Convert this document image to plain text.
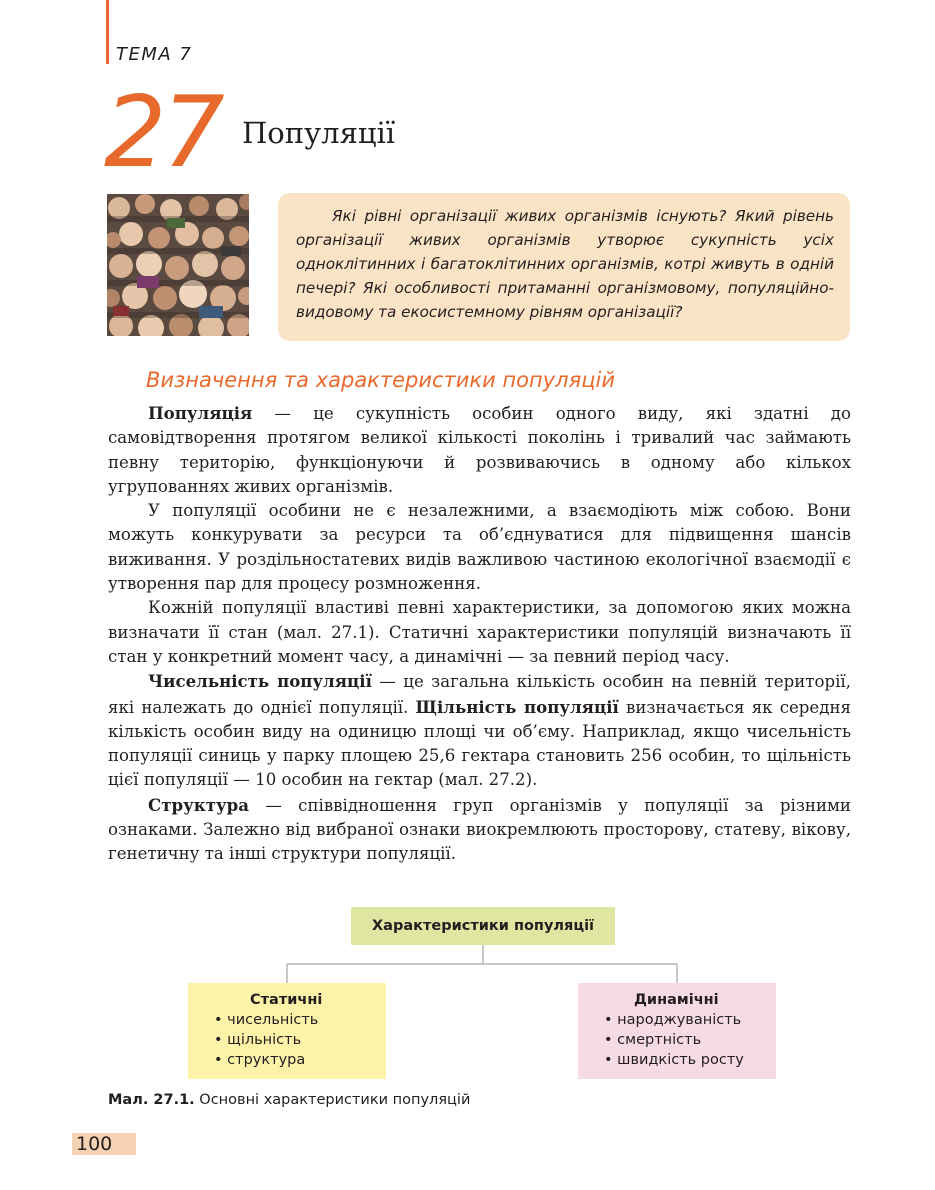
ТЕМА 7
27 Популяції
Які рівні організації живих організмів існують? Який рівень організації живих організмів утворює сукупність усіх одноклітинних і багатоклітинних організмів, котрі живуть в одній печері? Які особливості притаманні організмовому, популяційно-видовому та екосистемному рівням організації?
Визначення та характеристики популяцій

Популяція — це сукупність особин одного виду, які здатні до самовідтворення протягом великої кількості поколінь і тривалий час займають певну територію, функціонуючи й розвиваючись в одному або кількох угрупованнях живих організмів.

У популяції особини не є незалежними, а взаємодіють між собою. Вони можуть конкурувати за ресурси та об’єднуватися для підвищення шансів виживання. У роздільностатевих видів важливою частиною екологічної взаємодії є утворення пар для процесу розмноження.

Кожній популяції властиві певні характеристики, за допомогою яких можна визначати її стан (мал. 27.1). Статичні характеристики популяцій визначають її стан у конкретний момент часу, а динамічні — за певний період часу.

Чисельність популяції — це загальна кількість особин на певній території, які належать до однієї популяції. Щільність популяції визначається як середня кількість особин виду на одиницю площі чи об’єму. Наприклад, якщо чисельність популяції синиць у парку площею 25,6 гектара становить 256 особин, то щільність цієї популяції — 10 особин на гектар (мал. 27.2).

Структура — співвідношення груп організмів у популяції за різними ознаками. Залежно від вибраної ознаки виокремлюють просторову, статеву, вікову, генетичну та інші структури популяції.

Характеристики популяції
Статичні
• чисельність
• щільність
• структура
Динамічні
• народжуваність
• смертність
• швидкість росту
Мал. 27.1. Основні характеристики популяцій
100
